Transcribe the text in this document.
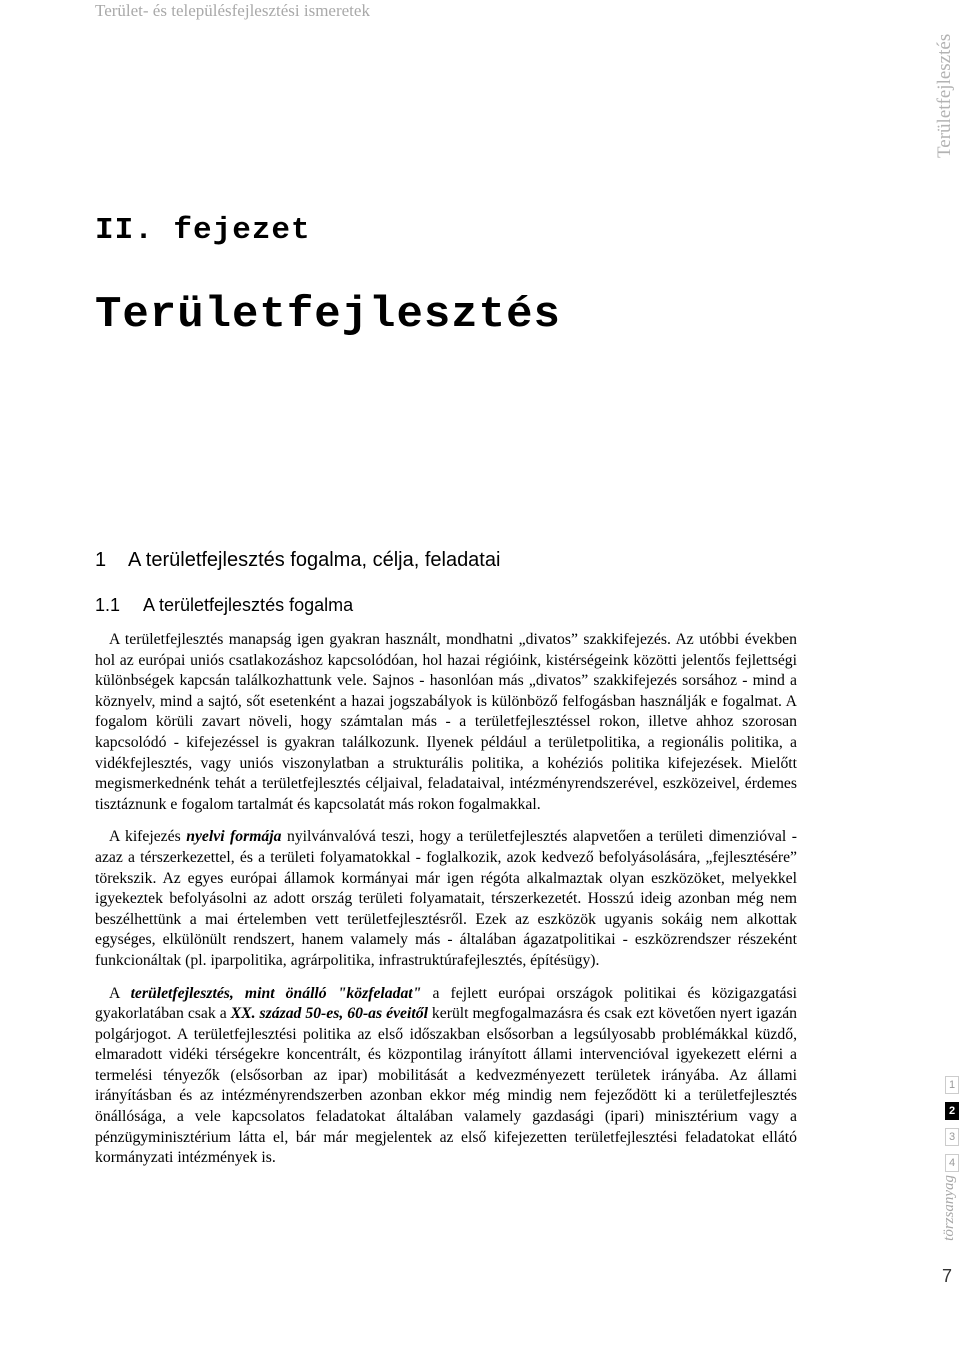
Terület- és településfejlesztési ismeretek
Területfejlesztés
II. fejezet
Területfejlesztés
1 A területfejlesztés fogalma, célja, feladatai
1.1 A területfejlesztés fogalma

A területfejlesztés manapság igen gyakran használt, mondhatni „divatos” szakkifejezés. Az utóbbi években hol az európai uniós csatlakozáshoz kapcsolódóan, hol hazai régióink, kistérségeink közötti jelentős fejlettségi különbségek kapcsán találkozhattunk vele. Sajnos - hasonlóan más „divatos” szakkifejezés sorsához - mind a köznyelv, mind a sajtó, sőt esetenként a hazai jogszabályok is különböző felfogásban használják e fogalmat. A fogalom körüli zavart növeli, hogy számtalan más - a területfejlesztéssel rokon, illetve ahhoz szorosan kapcsolódó - kifejezéssel is gyakran találkozunk. Ilyenek például a területpolitika, a regionális politika, a vidékfejlesztés, vagy uniós viszonylatban a strukturális politika, a kohéziós politika kifejezések. Mielőtt megismerkednénk tehát a területfejlesztés céljaival, feladataival, intézményrendszerével, eszközeivel, érdemes tisztáznunk e fogalom tartalmát és kapcsolatát más rokon fogalmakkal.

A kifejezés nyelvi formája nyilvánvalóvá teszi, hogy a területfejlesztés alapvetően a területi dimenzióval - azaz a térszerkezettel, és a területi folyamatokkal - foglalkozik, azok kedvező befolyásolására, „fejlesztésére” törekszik. Az egyes európai államok kormányai már igen régóta alkalmaztak olyan eszközöket, melyekkel igyekeztek befolyásolni az adott ország területi folyamatait, térszerkezetét. Hosszú ideig azonban még nem beszélhettünk a mai értelemben vett területfejlesztésről. Ezek az eszközök ugyanis sokáig nem alkottak egységes, elkülönült rendszert, hanem valamely más - általában ágazatpolitikai - eszközrendszer részeként funkcionáltak (pl. iparpolitika, agrárpolitika, infrastruktúrafejlesztés, építésügy).

A területfejlesztés, mint önálló "közfeladat" a fejlett európai országok politikai és közigazgatási gyakorlatában csak a XX. század 50-es, 60-as éveitől került megfogalmazásra és csak ezt követően nyert igazán polgárjogot. A területfejlesztési politika az első időszakban elsősorban a legsúlyosabb problémákkal küzdő, elmaradott vidéki térségekre koncentrált, és központilag irányított állami intervencióval igyekezett elérni a termelési tényezők (elsősorban az ipar) mobilitását a kedvezményezett területek irányába. Az állami irányításban és az intézményrendszerben azonban ekkor még mindig nem fejeződött ki a területfejlesztés önállósága, a vele kapcsolatos feladatokat általában valamely gazdasági (ipari) minisztérium vagy a pénzügyminisztérium látta el, bár már megjelentek az első kifejezetten területfejlesztési feladatokat ellátó kormányzati intézmények is.

1
2
3
4
törzsanyag
7
